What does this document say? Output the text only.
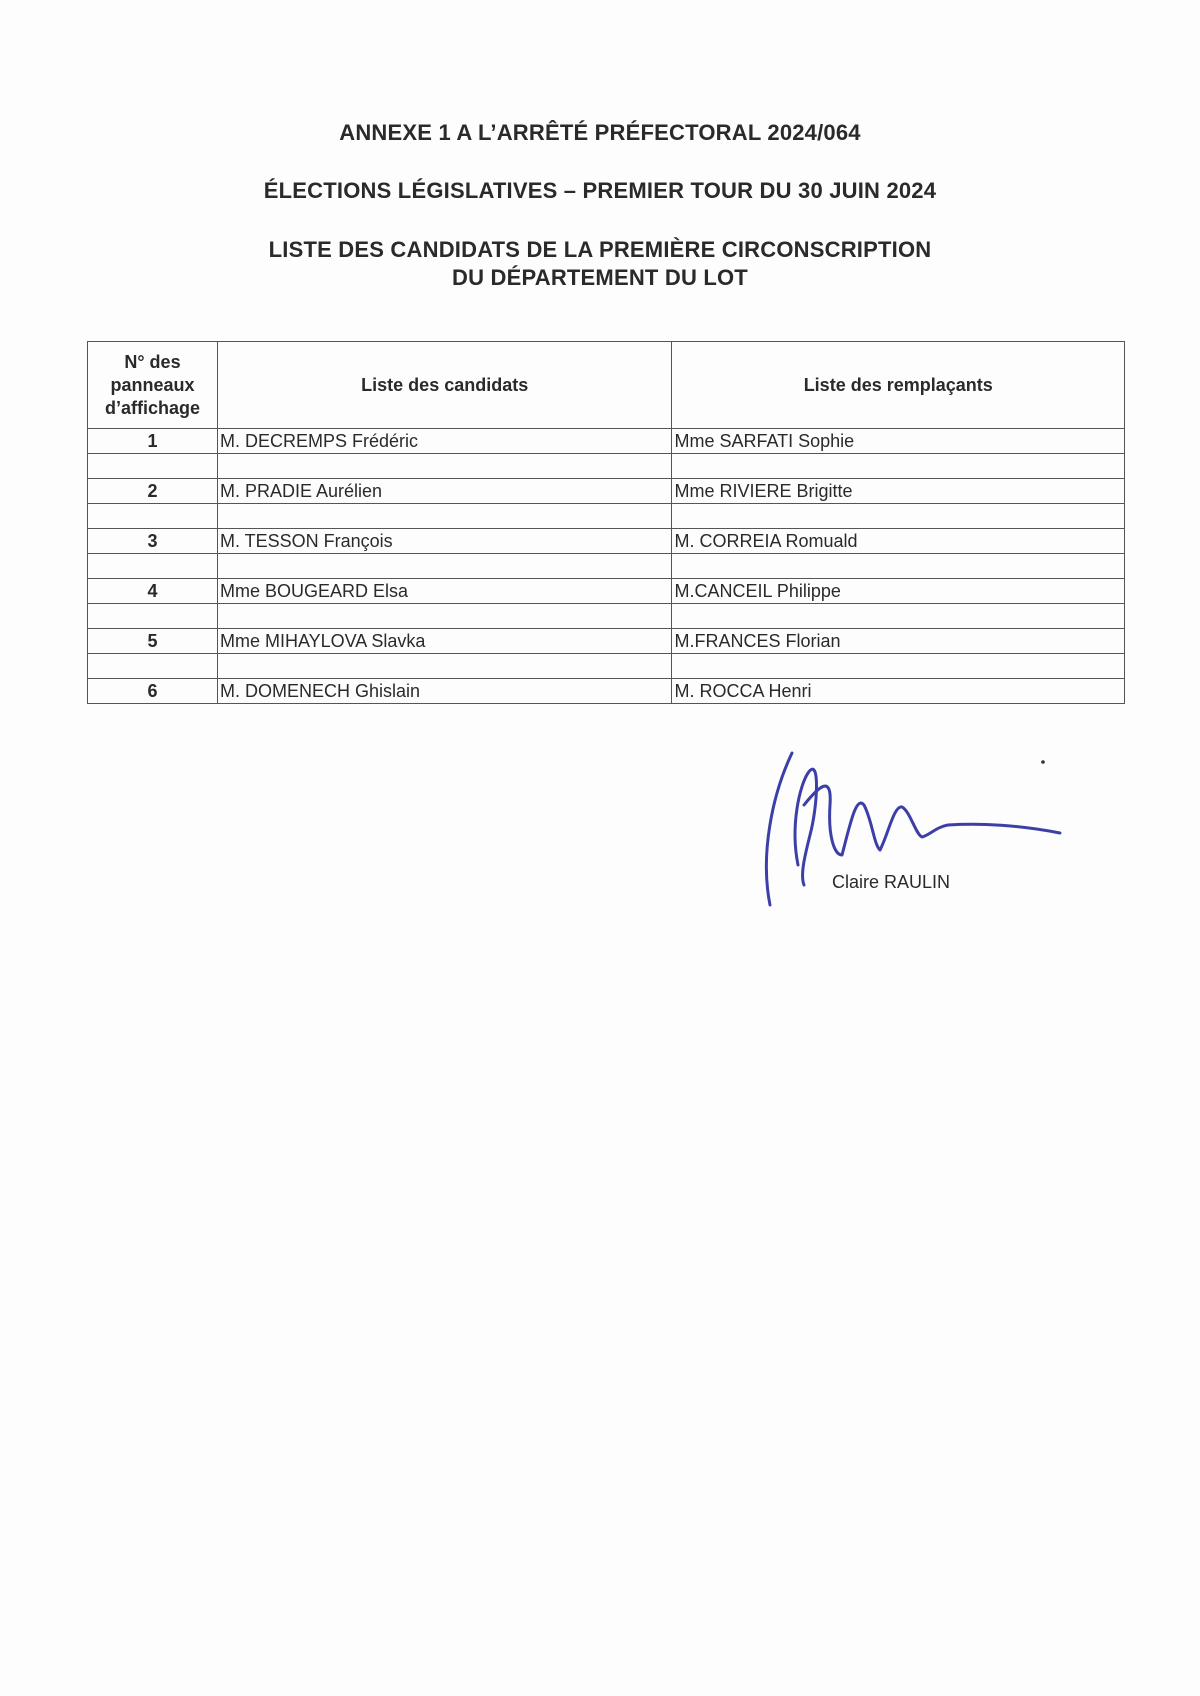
ANNEXE 1 A L’ARRÊTÉ PRÉFECTORAL 2024/064
ÉLECTIONS LÉGISLATIVES – PREMIER TOUR DU 30 JUIN 2024
LISTE DES CANDIDATS DE LA PREMIÈRE CIRCONSCRIPTION
DU DÉPARTEMENT DU LOT
N° des
panneaux
d’affichage	Liste des candidats	Liste des remplaçants
1	M. DECREMPS Frédéric	Mme SARFATI Sophie

2	M. PRADIE Aurélien	Mme RIVIERE Brigitte

3	M. TESSON François	M. CORREIA Romuald

4	Mme BOUGEARD Elsa	M.CANCEIL Philippe

5	Mme MIHAYLOVA Slavka	M.FRANCES Florian

6	M. DOMENECH Ghislain	M. ROCCA Henri
Claire RAULIN
